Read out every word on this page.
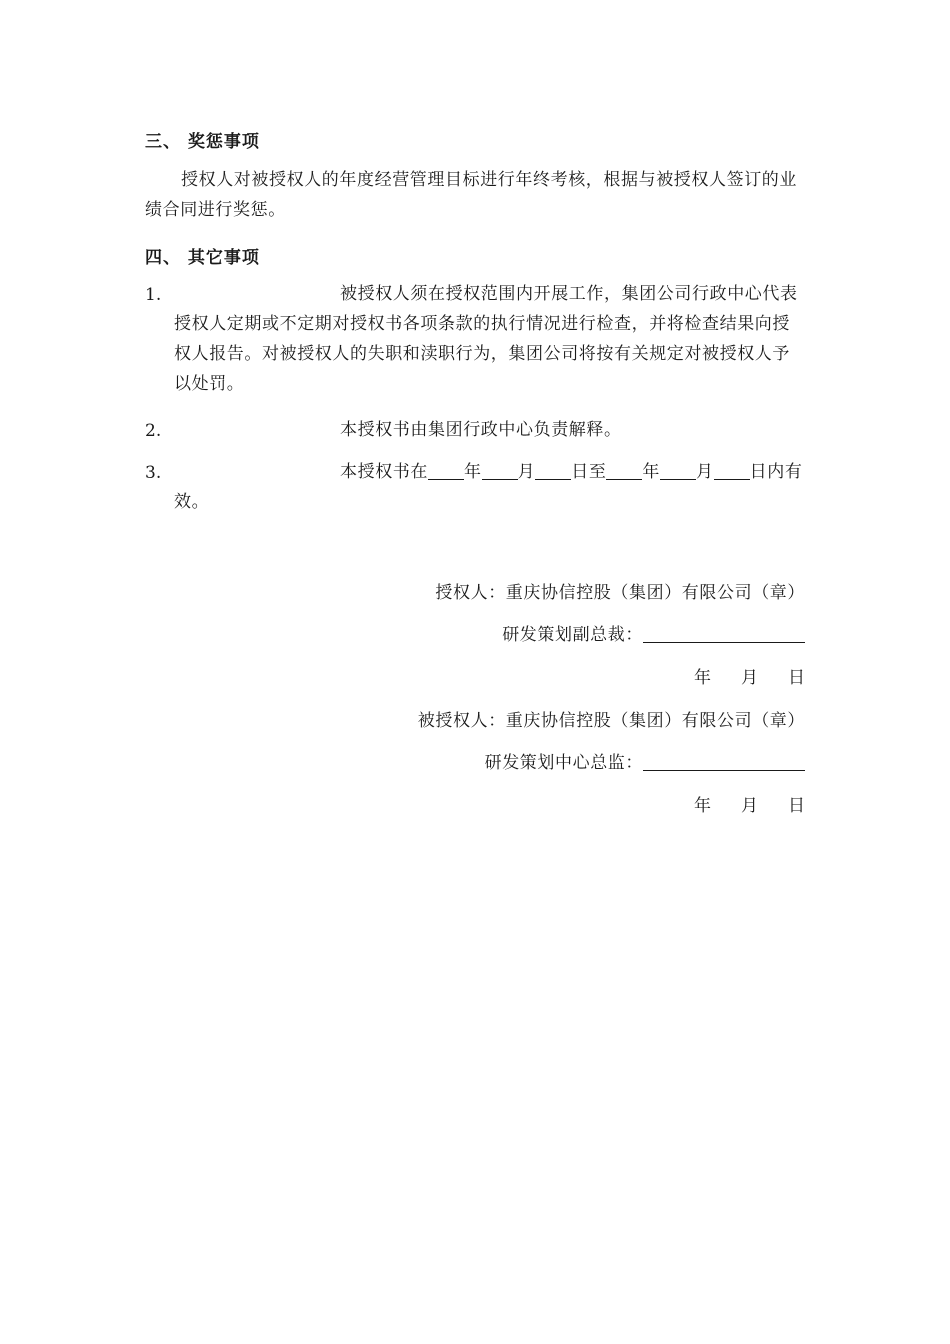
三、 奖惩事项
授权人对被授权人的年度经营管理目标进行年终考核，根据与被授权人签订的业绩合同进行奖惩。
四、 其它事项
1.	被授权人须在授权范围内开展工作，集团公司行政中心代表授权人定期或不定期对授权书各项条款的执行情况进行检查，并将检查结果向授权人报告。对被授权人的失职和渎职行为，集团公司将按有关规定对被授权人予以处罚。
2.	本授权书由集团行政中心负责解释。
3.	本授权书在 年 月 日至 年 月 日内有效。
授权人：重庆协信控股（集团）有限公司（章）
研发策划副总裁：
年 月 日
被授权人：重庆协信控股（集团）有限公司（章）
研发策划中心总监：
年 月 日
